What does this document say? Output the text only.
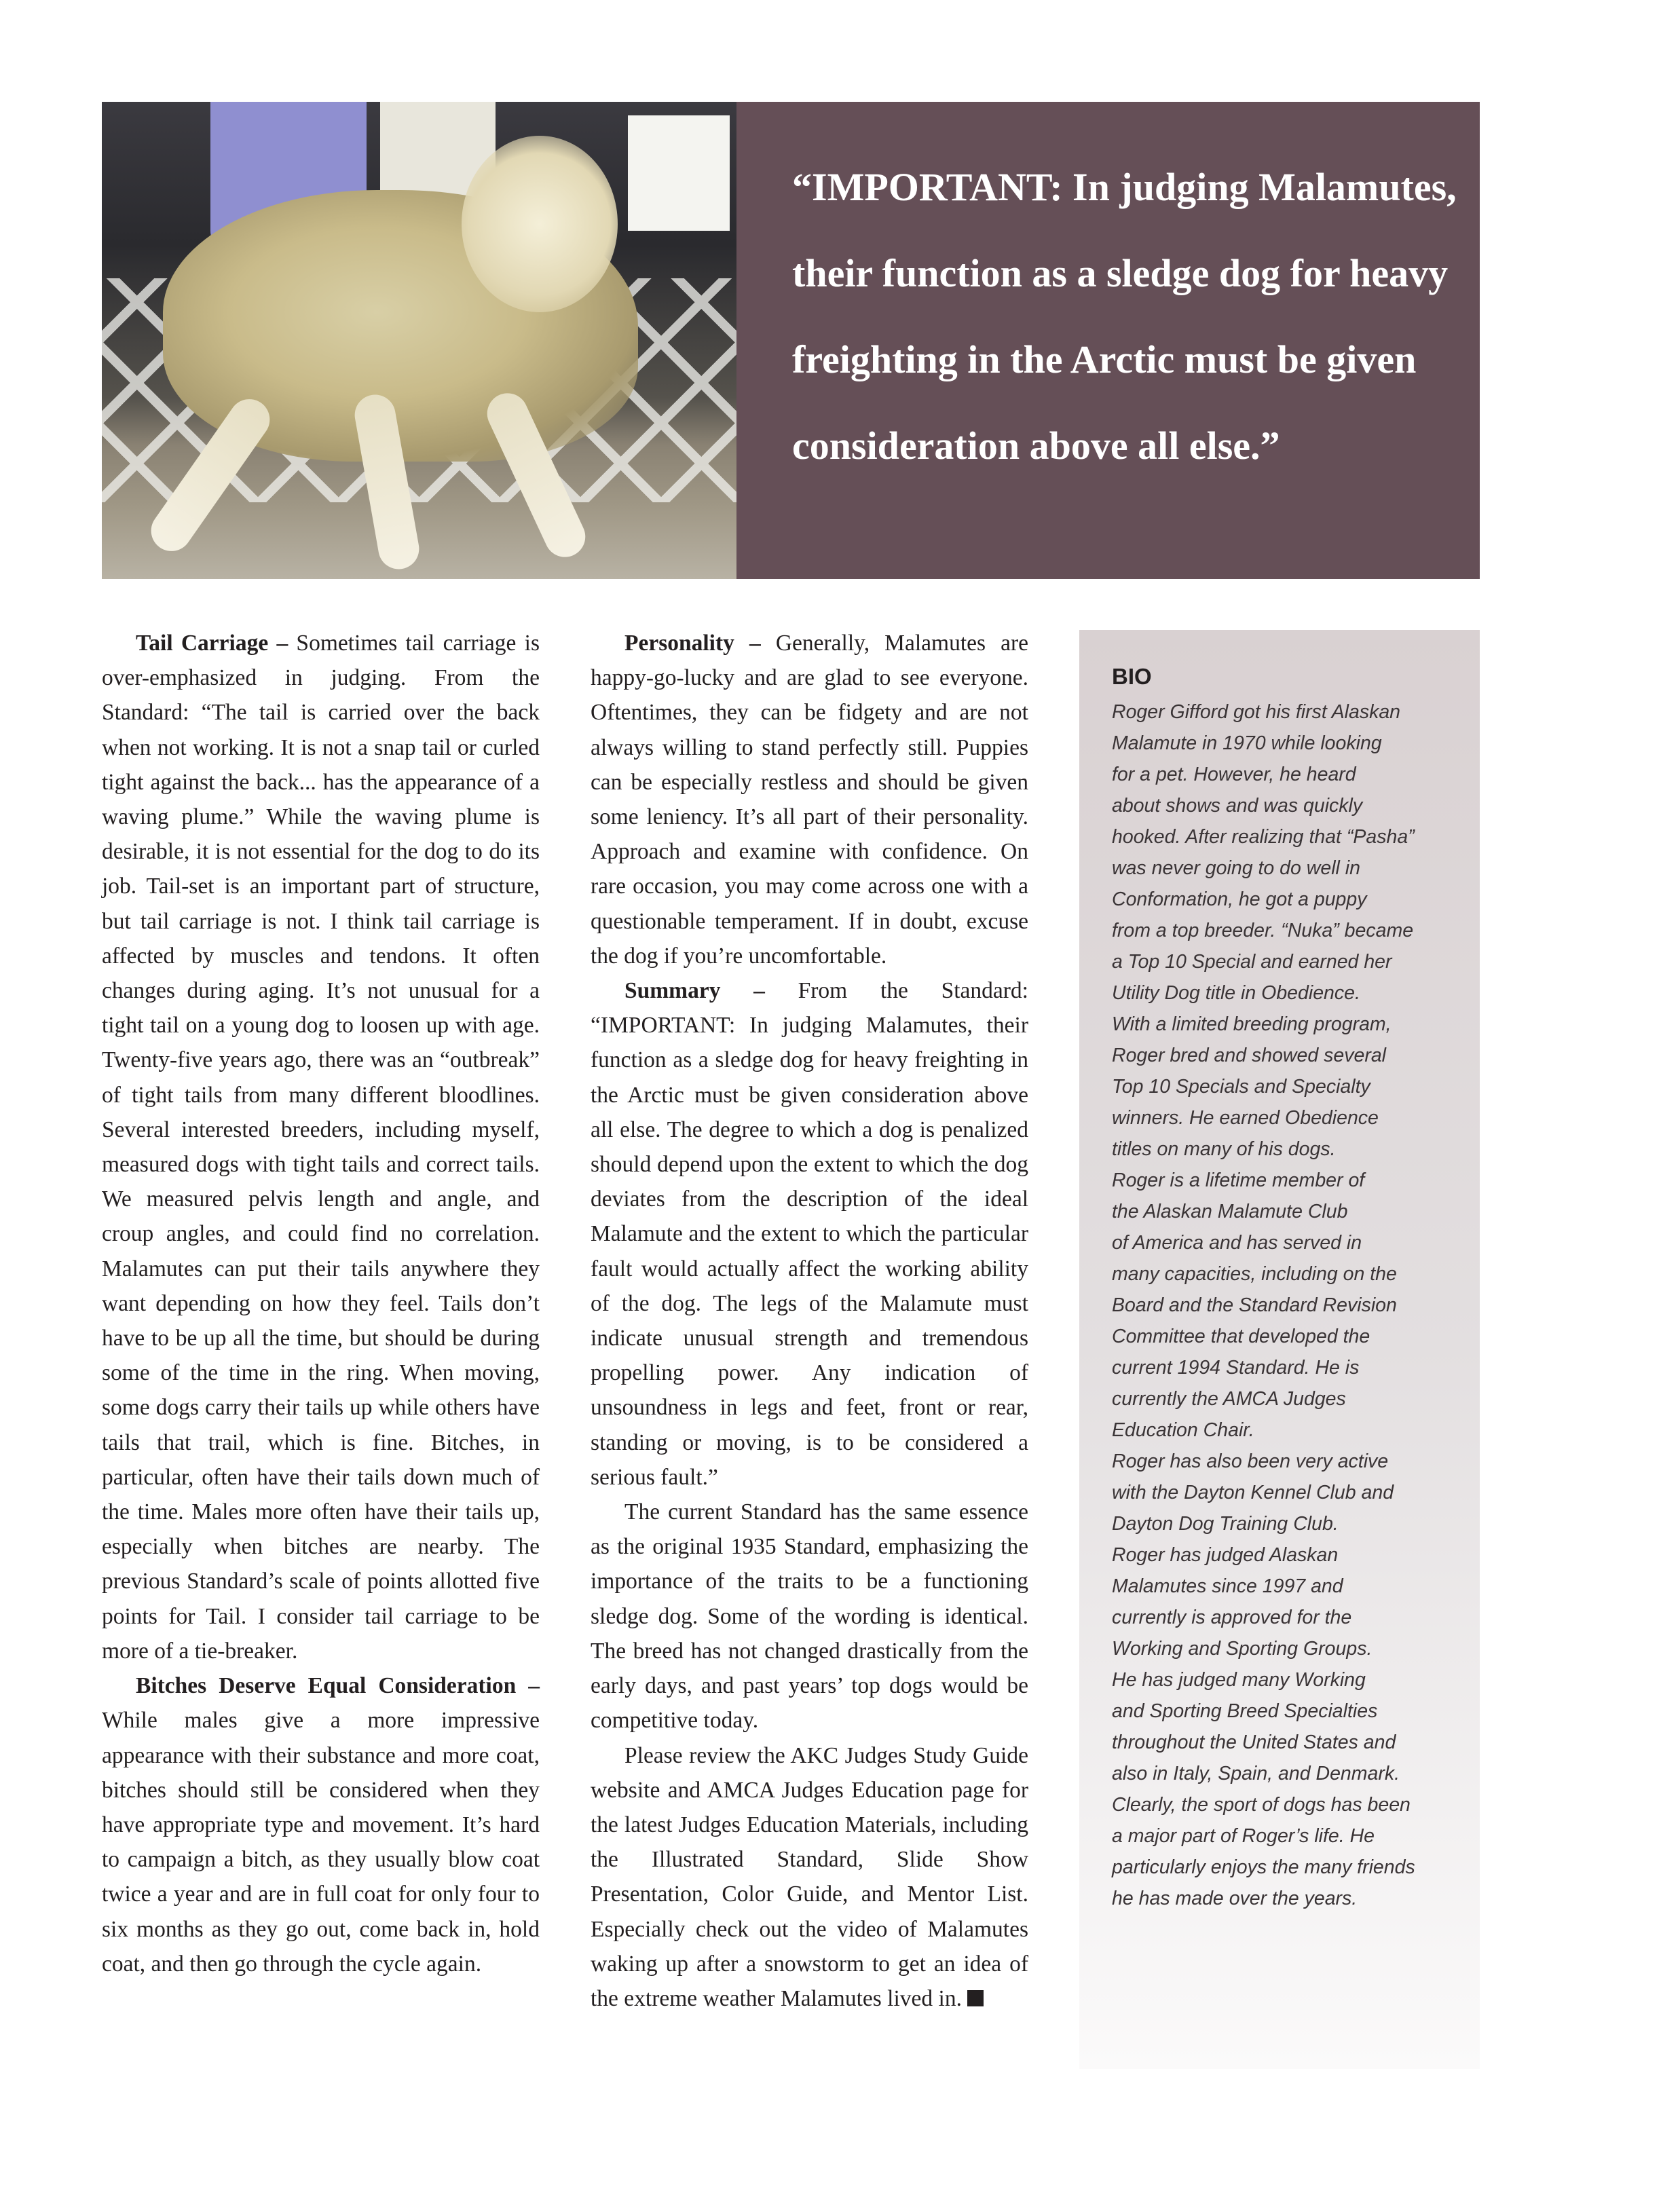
“IMPORTANT: In judging Malamutes, their function as a sledge dog for heavy freighting in the Arctic must be given consideration above all else.”

Tail Carriage – Sometimes tail carriage is over-emphasized in judging. From the Standard: “The tail is carried over the back when not working. It is not a snap tail or curled tight against the back... has the appearance of a waving plume.” While the waving plume is desirable, it is not essential for the dog to do its job. Tail-set is an important part of structure, but tail carriage is not. I think tail carriage is affected by muscles and tendons. It often changes during aging. It’s not unusual for a tight tail on a young dog to loosen up with age. Twenty-five years ago, there was an “outbreak” of tight tails from many different bloodlines. Several interested breeders, including myself, measured dogs with tight tails and correct tails. We measured pelvis length and angle, and croup angles, and could find no correlation. Malamutes can put their tails anywhere they want depending on how they feel. Tails don’t have to be up all the time, but should be during some of the time in the ring. When moving, some dogs carry their tails up while others have tails that trail, which is fine. Bitches, in particular, often have their tails down much of the time. Males more often have their tails up, especially when bitches are nearby. The previous Standard’s scale of points allotted five points for Tail. I consider tail carriage to be more of a tie-breaker.

Bitches Deserve Equal Consideration – While males give a more impressive appearance with their substance and more coat, bitches should still be considered when they have appropriate type and movement. It’s hard to campaign a bitch, as they usually blow coat twice a year and are in full coat for only four to six months as they go out, come back in, hold coat, and then go through the cycle again.

Personality – Generally, Malamutes are happy-go-lucky and are glad to see everyone. Oftentimes, they can be fidgety and are not always willing to stand perfectly still. Puppies can be especially restless and should be given some leniency. It’s all part of their personality. Approach and examine with confidence. On rare occasion, you may come across one with a questionable temperament. If in doubt, excuse the dog if you’re uncomfortable.

Summary – From the Standard: “IMPORTANT: In judging Malamutes, their function as a sledge dog for heavy freighting in the Arctic must be given consideration above all else. The degree to which a dog is penalized should depend upon the extent to which the dog deviates from the description of the ideal Malamute and the extent to which the particular fault would actually affect the working ability of the dog. The legs of the Malamute must indicate unusual strength and tremendous propelling power. Any indication of unsoundness in legs and feet, front or rear, standing or moving, is to be considered a serious fault.”

The current Standard has the same essence as the original 1935 Standard, emphasizing the importance of the traits to be a functioning sledge dog. Some of the wording is identical. The breed has not changed drastically from the early days, and past years’ top dogs would be competitive today.

Please review the AKC Judges Study Guide website and AMCA Judges Education page for the latest Judges Education Materials, including the Illustrated Standard, Slide Show Presentation, Color Guide, and Mentor List. Especially check out the video of Malamutes waking up after a snowstorm to get an idea of the extreme weather Malamutes lived in.

BIO
Roger Gifford got his first Alaskan
Malamute in 1970 while looking
for a pet. However, he heard
about shows and was quickly
hooked. After realizing that “Pasha”
was never going to do well in
Conformation, he got a puppy
from a top breeder. “Nuka” became
a Top 10 Special and earned her
Utility Dog title in Obedience.
With a limited breeding program,
Roger bred and showed several
Top 10 Specials and Specialty
winners. He earned Obedience
titles on many of his dogs.
Roger is a lifetime member of
the Alaskan Malamute Club
of America and has served in
many capacities, including on the
Board and the Standard Revision
Committee that developed the
current 1994 Standard. He is
currently the AMCA Judges
Education Chair.
Roger has also been very active
with the Dayton Kennel Club and
Dayton Dog Training Club.
Roger has judged Alaskan
Malamutes since 1997 and
currently is approved for the
Working and Sporting Groups.
He has judged many Working
and Sporting Breed Specialties
throughout the United States and
also in Italy, Spain, and Denmark.
Clearly, the sport of dogs has been
a major part of Roger’s life. He
particularly enjoys the many friends
he has made over the years.
